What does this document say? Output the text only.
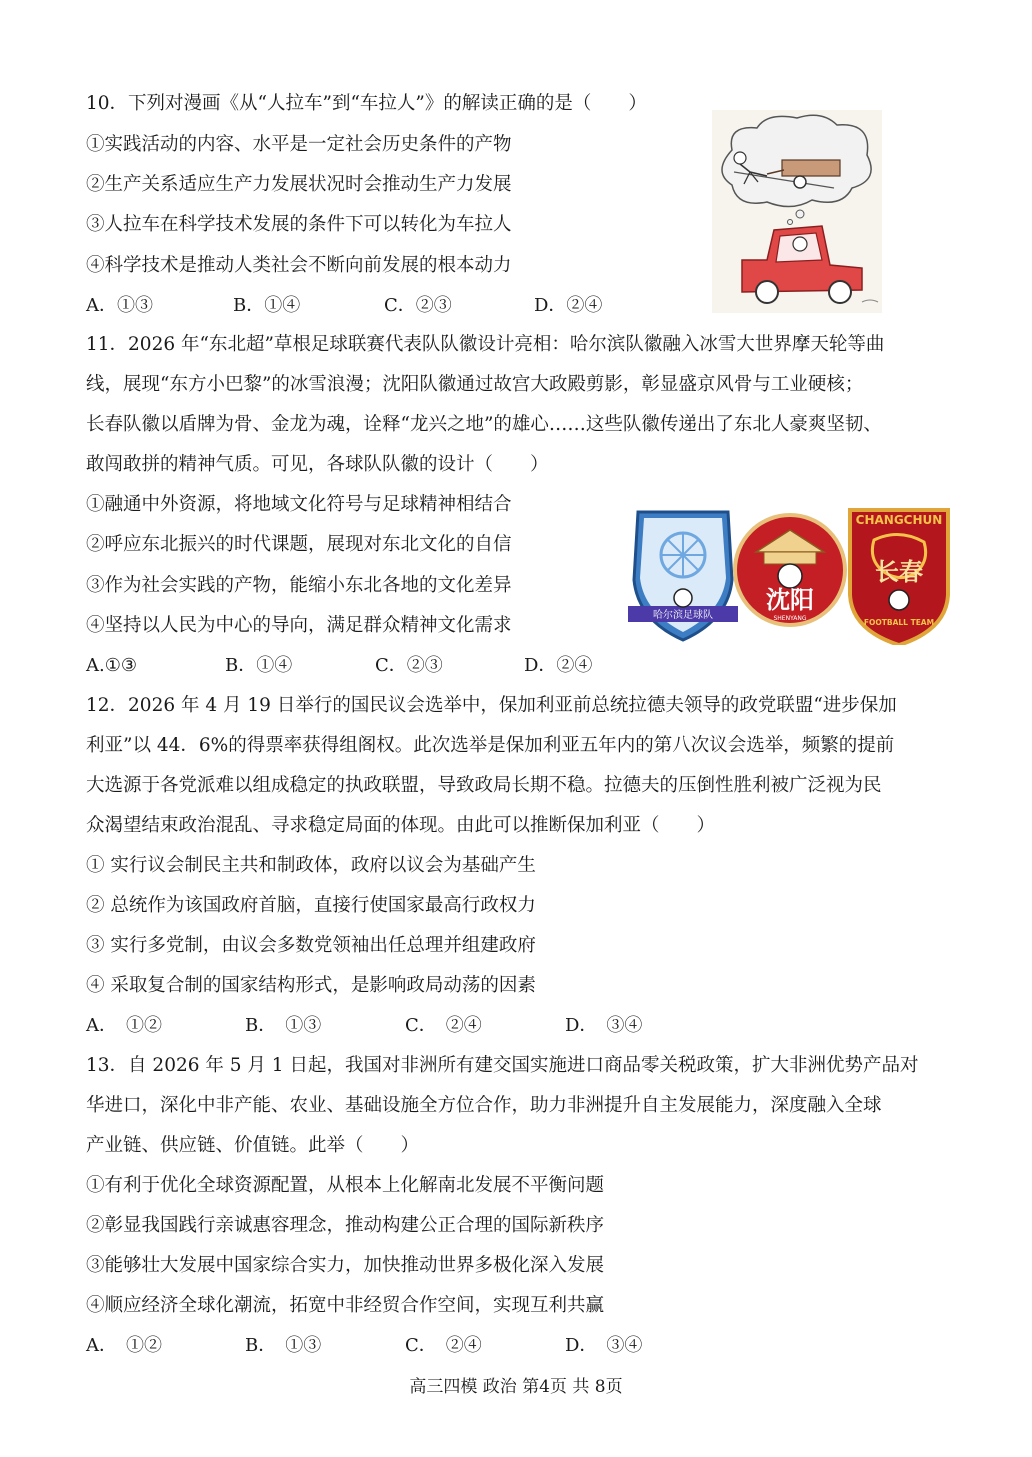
10．下列对漫画《从“人拉车”到“车拉人”》的解读正确的是（　　）
①实践活动的内容、水平是一定社会历史条件的产物
②生产关系适应生产力发展状况时会推动生产力发展
③人拉车在科学技术发展的条件下可以转化为车拉人
④科学技术是推动人类社会不断向前发展的根本动力
A．①③	B．①④	C．②③	D．②④
11．2026 年“东北超”草根足球联赛代表队队徽设计亮相：哈尔滨队徽融入冰雪大世界摩天轮等曲
线，展现“东方小巴黎”的冰雪浪漫；沈阳队徽通过故宫大政殿剪影，彰显盛京风骨与工业硬核；
长春队徽以盾牌为骨、金龙为魂，诠释“龙兴之地”的雄心……这些队徽传递出了东北人豪爽坚韧、
敢闯敢拼的精神气质。可见，各球队队徽的设计（　　）
①融通中外资源，将地域文化符号与足球精神相结合
②呼应东北振兴的时代课题，展现对东北文化的自信
③作为社会实践的产物，能缩小东北各地的文化差异
④坚持以人民为中心的导向，满足群众精神文化需求
A.①③	B．①④	C．②③	D．②④
哈尔滨足球队
沈阳
SHENYANG
CHANGCHUN
长春
FOOTBALL TEAM
12．2026 年 4 月 19 日举行的国民议会选举中，保加利亚前总统拉德夫领导的政党联盟“进步保加
利亚”以 44．6%的得票率获得组阁权。此次选举是保加利亚五年内的第八次议会选举，频繁的提前
大选源于各党派难以组成稳定的执政联盟，导致政局长期不稳。拉德夫的压倒性胜利被广泛视为民
众渴望结束政治混乱、寻求稳定局面的体现。由此可以推断保加利亚（　　）
① 实行议会制民主共和制政体，政府以议会为基础产生
② 总统作为该国政府首脑，直接行使国家最高行政权力
③ 实行多党制，由议会多数党领袖出任总理并组建政府
④ 采取复合制的国家结构形式，是影响政局动荡的因素
A．　①②	B．　①③	C．　②④	D．　③④
13．自 2026 年 5 月 1 日起，我国对非洲所有建交国实施进口商品零关税政策，扩大非洲优势产品对
华进口，深化中非产能、农业、基础设施全方位合作，助力非洲提升自主发展能力，深度融入全球
产业链、供应链、价值链。此举（　　）
①有利于优化全球资源配置，从根本上化解南北发展不平衡问题
②彰显我国践行亲诚惠容理念，推动构建公正合理的国际新秩序
③能够壮大发展中国家综合实力，加快推动世界多极化深入发展
④顺应经济全球化潮流，拓宽中非经贸合作空间，实现互利共赢
A．　①②	B．　①③	C．　②④	D．　③④
高三四模 政治 第4页 共 8页
